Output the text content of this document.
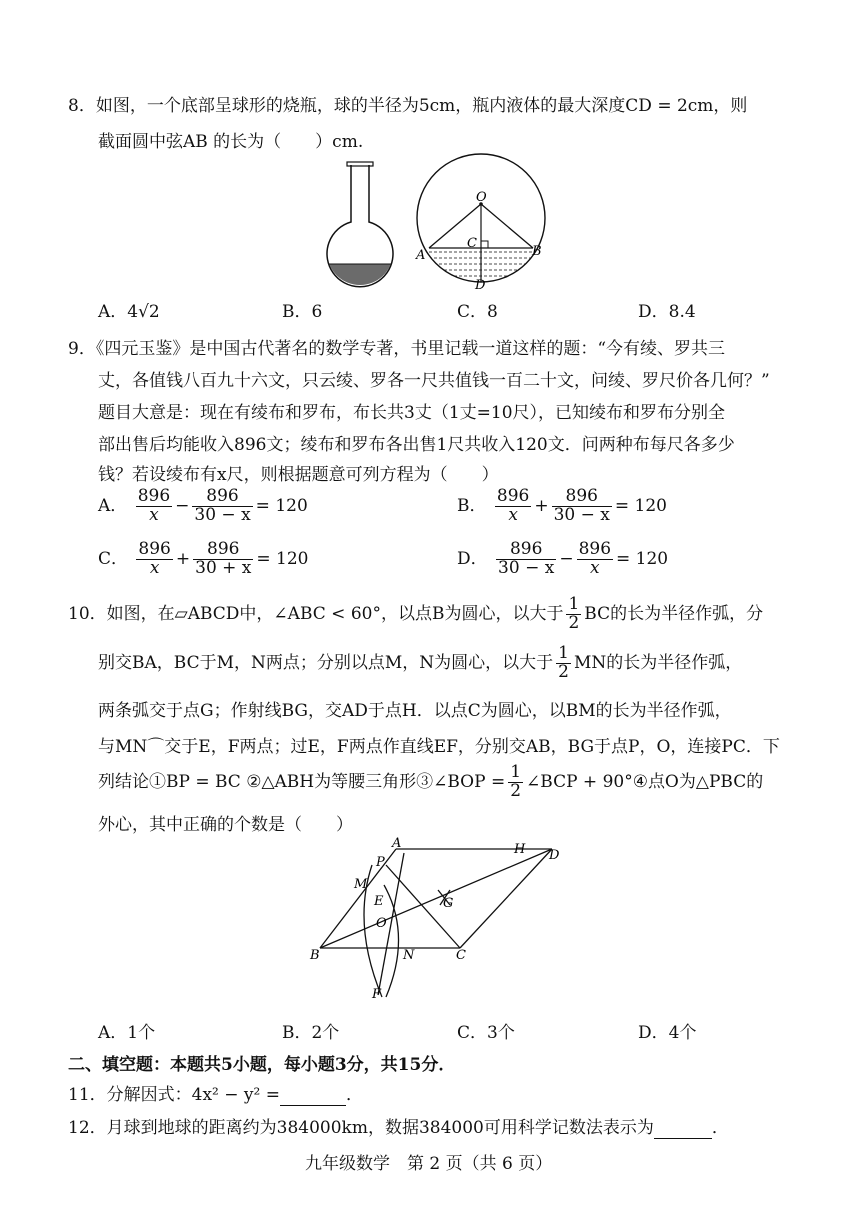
8．如图，一个底部呈球形的烧瓶，球的半径为5cm，瓶内液体的最大深度CD = 2cm，则
截面圆中弦AB 的长为（　　）cm.
O
C
A	B
D
A．4√2	B．6	C．8	D．8.4
9．《四元玉鉴》是中国古代著名的数学专著，书里记载一道这样的题：“今有绫、罗共三
丈，各值钱八百九十六文，只云绫、罗各一尺共值钱一百二十文，问绫、罗尺价各几何？”
题目大意是：现在有绫布和罗布，布长共3丈（1丈=10尺），已知绫布和罗布分别全
部出售后均能收入896文；绫布和罗布各出售1尺共收入120文．问两种布每尺各多少
钱？若设绫布有x尺，则根据题意可列方程为（　　）
A． $\frac{896}{x} - \frac{896}{30 - x} = 120$	B． $\frac{896}{x} + \frac{896}{30 - x} = 120$
C． $\frac{896}{x} + \frac{896}{30 + x} = 120$	D． $\frac{896}{30 - x} - \frac{896}{x} = 120$
10．如图，在▱ABCD中，∠ABC < 60°，以点B为圆心，以大于 $\frac{1}{2}$ BC的长为半径作弧，分
别交BA，BC于M，N两点；分别以点M，N为圆心，以大于 $\frac{1}{2}$ MN的长为半径作弧，
两条弧交于点G；作射线BG，交AD于点H．以点C为圆心，以BM的长为半径作弧，
与MN⌒交于E，F两点；过E，F两点作直线EF，分别交AB，BG于点P，O，连接PC．下
列结论①BP = BC ②△ABH为等腰三角形③∠BOP = $\frac{1}{2}$ ∠BCP + 90°④点O为△PBC的
外心，其中正确的个数是（　　）
A	H D
P
M
E	G
O
B	N	C
F
A．1个	B．2个	C．3个	D．4个
二、填空题：本题共5小题，每小题3分，共15分．
11．分解因式：4x² − y² =	．
12．月球到地球的距离约为384000km，数据384000可用科学记数法表示为	．
九年级数学　第 2 页（共 6 页）
